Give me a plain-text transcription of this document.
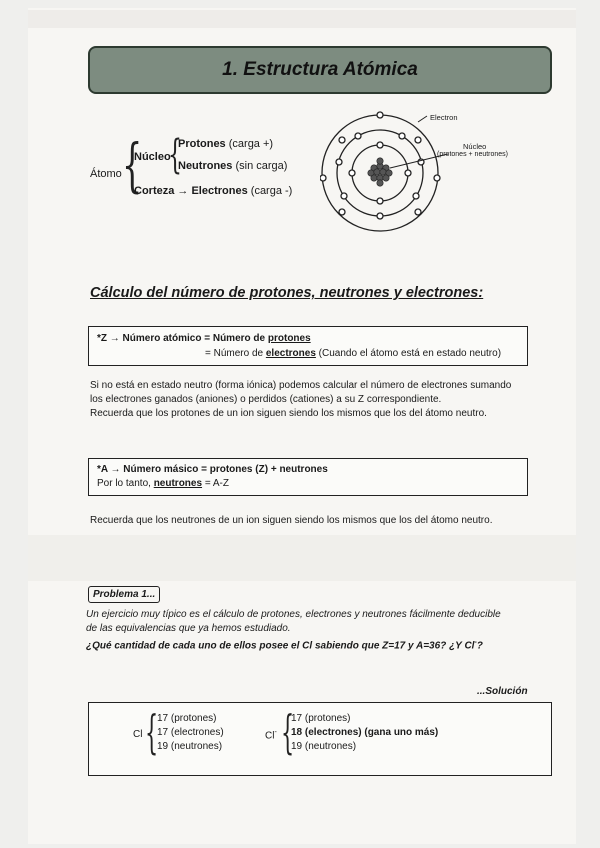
1. Estructura Atómica
Átomo {
Núcleo
{
Protones (carga +)
Neutrones (sin carga)
Corteza → Electrones (carga -)
Electron
Núcleo
(protones + neutrones)
Cálculo del número de protones, neutrones y electrones:
*Z → Número atómico = Número de protones
= Número de electrones (Cuando el átomo está en estado neutro)
Si no está en estado neutro (forma iónica) podemos calcular el número de electrones sumando
los electrones ganados (aniones) o perdidos (cationes) a su Z correspondiente.
Recuerda que los protones de un ion siguen siendo los mismos que los del átomo neutro.
*A → Número másico = protones (Z) + neutrones
Por lo tanto, neutrones = A-Z
Recuerda que los neutrones de un ion siguen siendo los mismos que los del átomo neutro.
Problema 1...
Un ejercicio muy típico es el cálculo de protones, electrones y neutrones fácilmente deducible
de las equivalencias que ya hemos estudiado.
¿Qué cantidad de cada uno de ellos posee el Cl sabiendo que Z=17 y A=36? ¿Y Cl-?
...Solución
Cl {
17 (protones)
17 (electrones)
19 (neutrones)
Cl- {
17 (protones)
18 (electrones) (gana uno más)
19 (neutrones)
